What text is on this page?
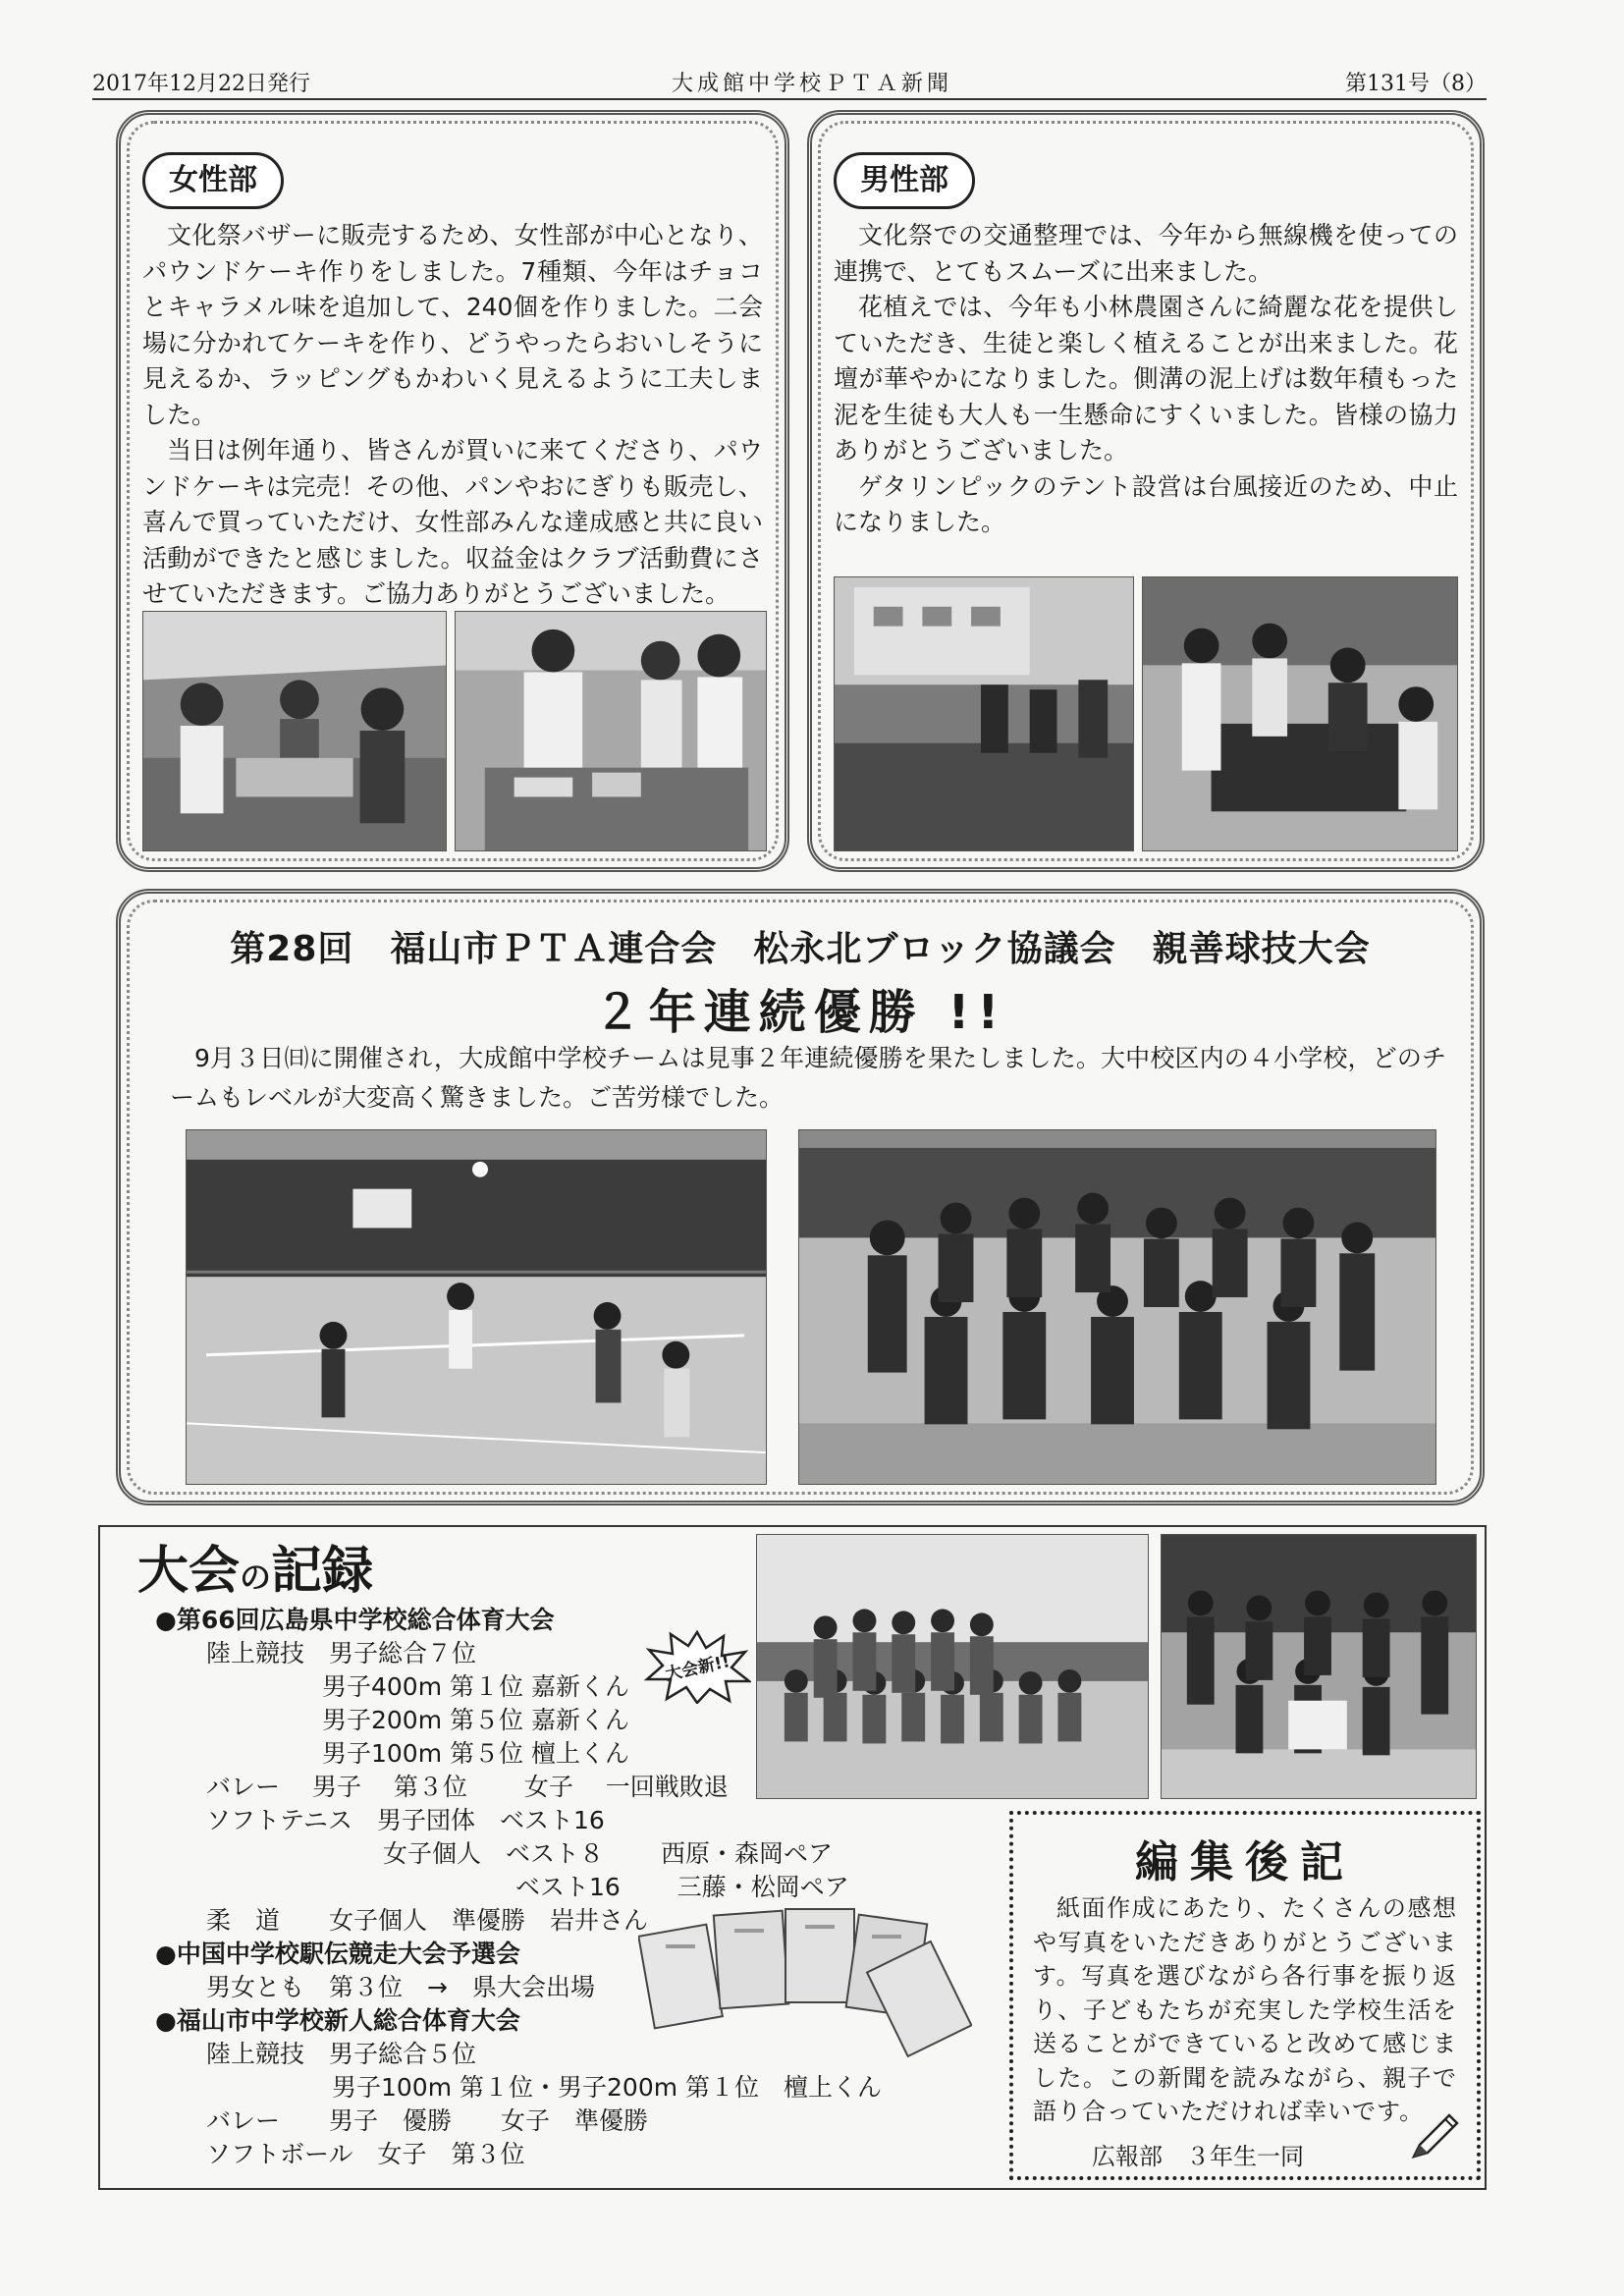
2017年12月22日発行	大成館中学校ＰＴＡ新聞	第131号（8）
女性部

文化祭バザーに販売するため、女性部が中心となり、パウンドケーキ作りをしました。7種類、今年はチョコとキャラメル味を追加して、240個を作りました。二会場に分かれてケーキを作り、どうやったらおいしそうに見えるか、ラッピングもかわいく見えるように工夫しました。

当日は例年通り、皆さんが買いに来てくださり、パウンドケーキは完売！その他、パンやおにぎりも販売し、喜んで買っていただけ、女性部みんな達成感と共に良い活動ができたと感じました。収益金はクラブ活動費にさせていただきます。ご協力ありがとうございました。

男性部

文化祭での交通整理では、今年から無線機を使っての連携で、とてもスムーズに出来ました。

花植えでは、今年も小林農園さんに綺麗な花を提供していただき、生徒と楽しく植えることが出来ました。花壇が華やかになりました。側溝の泥上げは数年積もった泥を生徒も大人も一生懸命にすくいました。皆様の協力ありがとうございました。

ゲタリンピックのテント設営は台風接近のため、中止になりました。

第28回　福山市ＰＴＡ連合会　松永北ブロック協議会　親善球技大会
２年連続優勝 !!
9月３日㈰に開催され，大成館中学校チームは見事２年連続優勝を果たしました。大中校区内の４小学校，どのチームもレベルが大変高く驚きました。ご苦労様でした。
大会の記録
●第66回広島県中学校総合体育大会
陸上競技　男子総合７位
男子400m 第１位 嘉新くん
男子200m 第５位 嘉新くん
男子100m 第５位 檀上くん
バレー　 男子　 第３位　　 女子　 一回戦敗退
ソフトテニス　男子団体　ベスト16
女子個人　ベスト８　　 西原・森岡ペア
ベスト16　　 三藤・松岡ペア
柔　道　　女子個人　準優勝　岩井さん
●中国中学校駅伝競走大会予選会
男女とも　第３位　→　県大会出場
●福山市中学校新人総合体育大会
陸上競技　男子総合５位
男子100m 第１位・男子200m 第１位　檀上くん
バレー　　男子　優勝　　女子　準優勝
ソフトボール　女子　第３位
大会新!!
編集後記
紙面作成にあたり、たくさんの感想や写真をいただきありがとうございます。写真を選びながら各行事を振り返り、子どもたちが充実した学校生活を送ることができていると改めて感じました。この新聞を読みながら、親子で語り合っていただければ幸いです。
広報部　３年生一同
